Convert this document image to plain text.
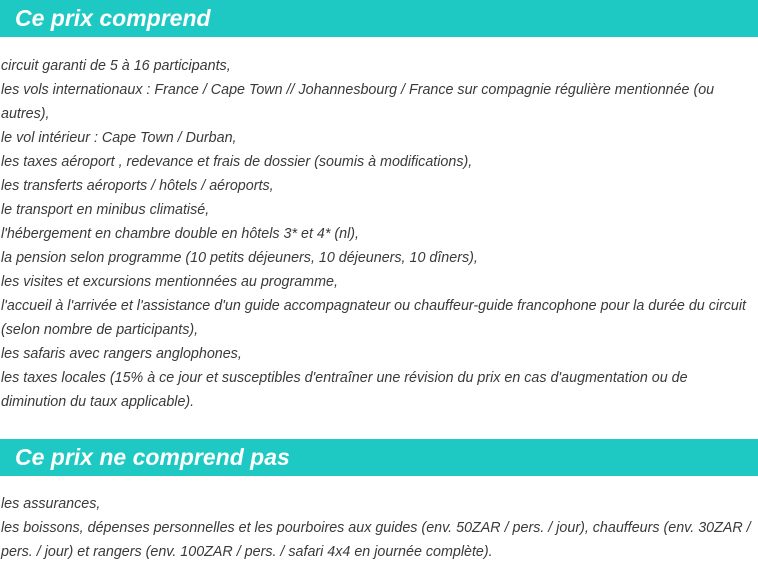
Ce prix comprend
circuit garanti de 5 à 16 participants,
les vols internationaux : France / Cape Town // Johannesbourg / France sur compagnie régulière mentionnée (ou autres),
le vol intérieur : Cape Town / Durban,
les taxes aéroport , redevance et frais de dossier (soumis à modifications),
les transferts aéroports / hôtels / aéroports,
le transport en minibus climatisé,
l'hébergement en chambre double en hôtels 3* et 4* (nl),
la pension selon programme (10 petits déjeuners, 10 déjeuners, 10 dîners),
les visites et excursions mentionnées au programme,
l'accueil à l'arrivée et l'assistance d'un guide accompagnateur ou chauffeur-guide francophone pour la durée du circuit (selon nombre de participants),
les safaris avec rangers anglophones,
les taxes locales (15% à ce jour et susceptibles d'entraîner une révision du prix en cas d'augmentation ou de diminution du taux applicable).
Ce prix ne comprend pas
les assurances,
les boissons, dépenses personnelles et les pourboires aux guides (env. 50ZAR / pers. / jour), chauffeurs (env. 30ZAR / pers. / jour) et rangers (env. 100ZAR / pers. / safari 4x4 en journée complète).
